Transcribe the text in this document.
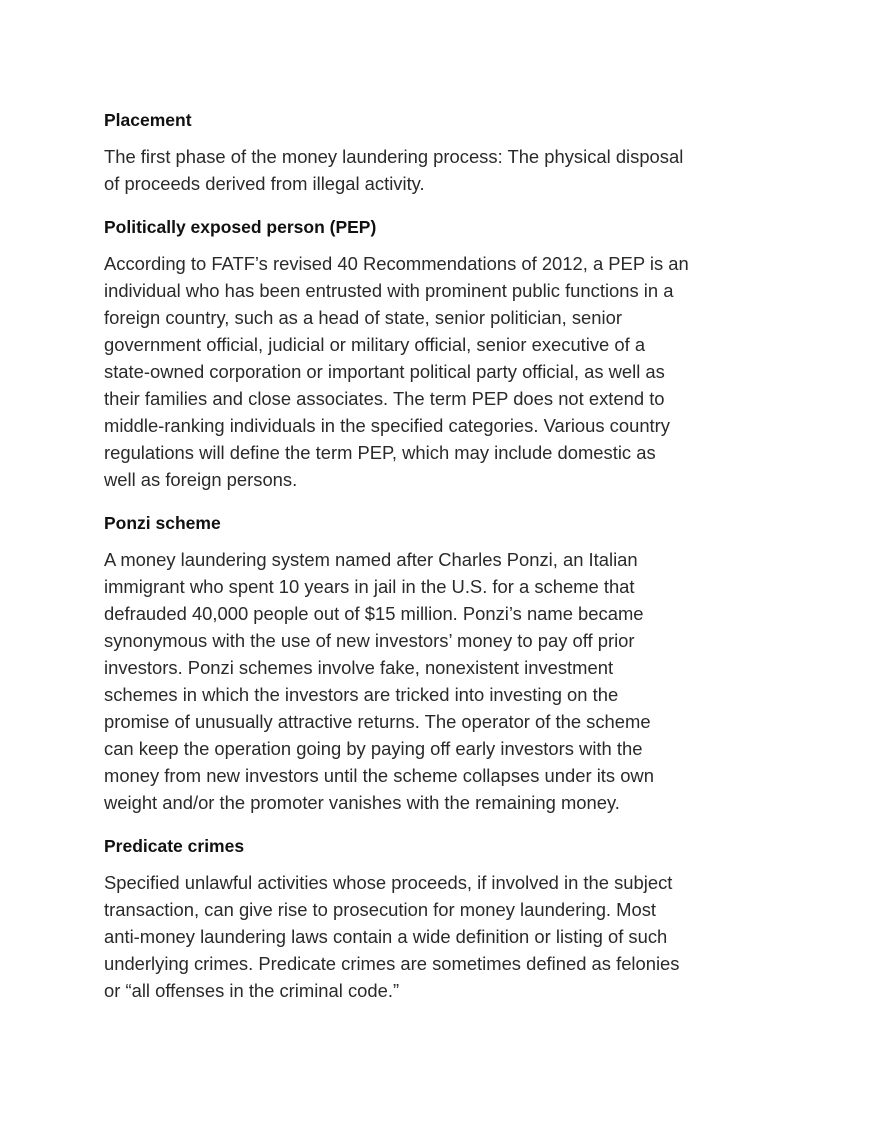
Placement
The first phase of the money laundering process: The physical disposal
of proceeds derived from illegal activity.
Politically exposed person (PEP)
According to FATF’s revised 40 Recommendations of 2012, a PEP is an
individual who has been entrusted with prominent public functions in a
foreign country, such as a head of state, senior politician, senior
government official, judicial or military official, senior executive of a
state-owned corporation or important political party official, as well as
their families and close associates. The term PEP does not extend to
middle-ranking individuals in the specified categories. Various country
regulations will define the term PEP, which may include domestic as
well as foreign persons.
Ponzi scheme
A money laundering system named after Charles Ponzi, an Italian
immigrant who spent 10 years in jail in the U.S. for a scheme that
defrauded 40,000 people out of $15 million. Ponzi’s name became
synonymous with the use of new investors’ money to pay off prior
investors. Ponzi schemes involve fake, nonexistent investment
schemes in which the investors are tricked into investing on the
promise of unusually attractive returns. The operator of the scheme
can keep the operation going by paying off early investors with the
money from new investors until the scheme collapses under its own
weight and/or the promoter vanishes with the remaining money.
Predicate crimes
Specified unlawful activities whose proceeds, if involved in the subject
transaction, can give rise to prosecution for money laundering. Most
anti-money laundering laws contain a wide definition or listing of such
underlying crimes. Predicate crimes are sometimes defined as felonies
or “all offenses in the criminal code.”
